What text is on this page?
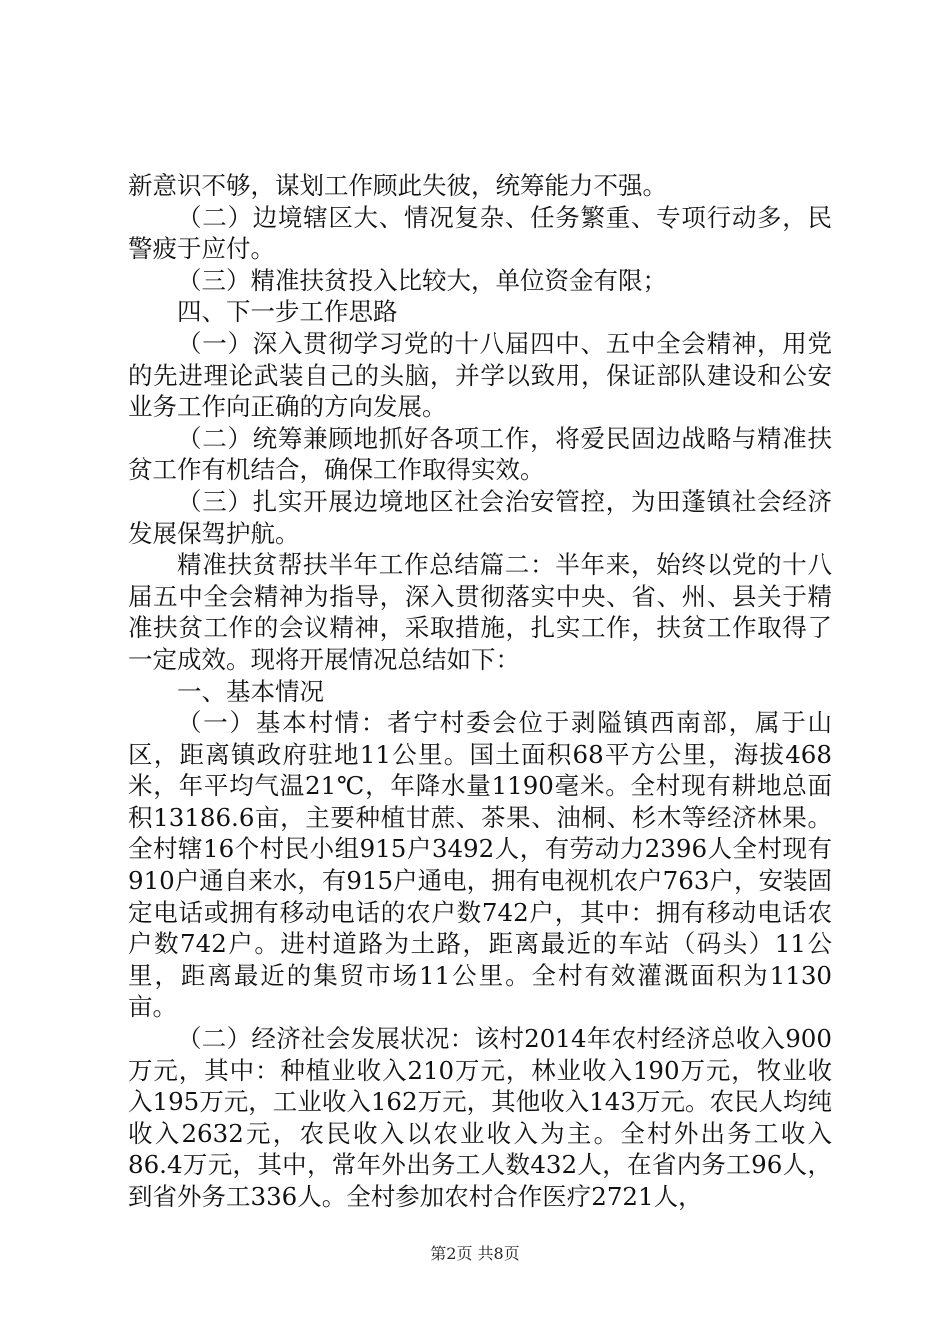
新意识不够，谋划工作顾此失彼，统筹能力不强。

（二）边境辖区大、情况复杂、任务繁重、专项行动多，民警疲于应付。

（三）精准扶贫投入比较大，单位资金有限；

四、下一步工作思路

（一）深入贯彻学习党的十八届四中、五中全会精神，用党的先进理论武装自己的头脑，并学以致用，保证部队建设和公安业务工作向正确的方向发展。

（二）统筹兼顾地抓好各项工作，将爱民固边战略与精准扶贫工作有机结合，确保工作取得实效。

（三）扎实开展边境地区社会治安管控，为田蓬镇社会经济发展保驾护航。

精准扶贫帮扶半年工作总结篇二：半年来，始终以党的十八届五中全会精神为指导，深入贯彻落实中央、省、州、县关于精准扶贫工作的会议精神，采取措施，扎实工作，扶贫工作取得了一定成效。现将开展情况总结如下：

一、基本情况

（一）基本村情：者宁村委会位于剥隘镇西南部，属于山区，距离镇政府驻地11公里。国土面积68平方公里，海拔468米，年平均气温21℃，年降水量1190毫米。全村现有耕地总面积13186.6亩，主要种植甘蔗、茶果、油桐、杉木等经济林果。全村辖16个村民小组915户3492人，有劳动力2396人全村现有910户通自来水，有915户通电，拥有电视机农户763户，安装固定电话或拥有移动电话的农户数742户，其中：拥有移动电话农户数742户。进村道路为土路，距离最近的车站（码头）11公里，距离最近的集贸市场11公里。全村有效灌溉面积为1130亩。

（二）经济社会发展状况：该村2014年农村经济总收入900万元，其中：种植业收入210万元，林业收入190万元，牧业收入195万元，工业收入162万元，其他收入143万元。农民人均纯收入2632元，农民收入以农业收入为主。全村外出务工收入86.4万元，其中，常年外出务工人数432人，在省内务工96人，到省外务工336人。全村参加农村合作医疗2721人，

第2页 共8页
